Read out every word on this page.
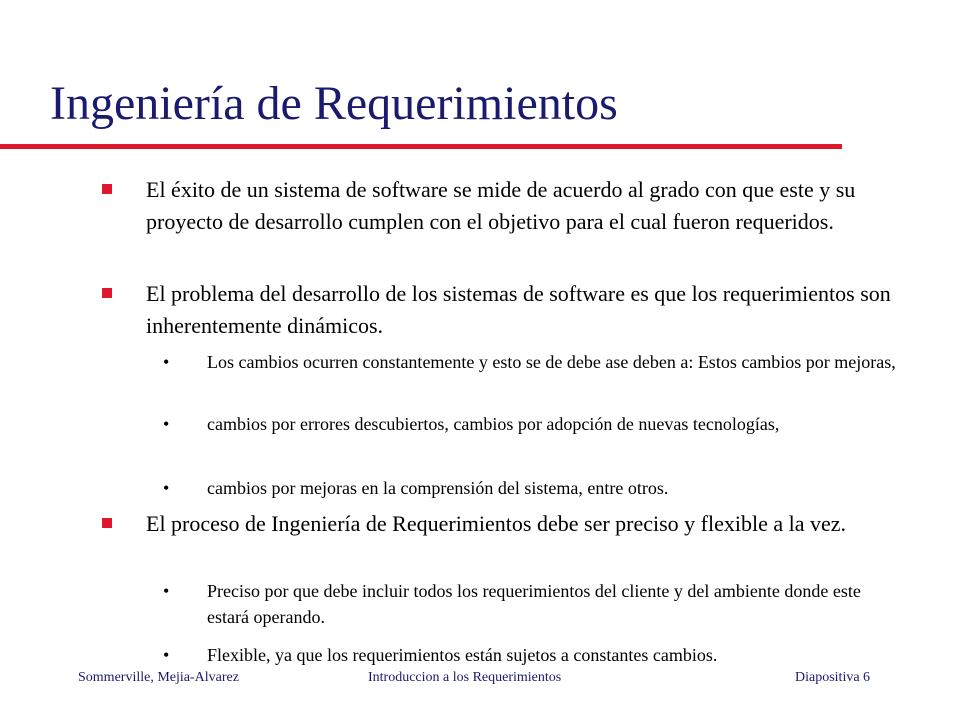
Ingeniería de Requerimientos
El éxito de un sistema de software se mide de acuerdo al grado con que este y su proyecto de desarrollo cumplen con el objetivo para el cual fueron requeridos.
El problema del desarrollo de los sistemas de software es que los requerimientos son inherentemente dinámicos.
• Los cambios ocurren constantemente y esto se de debe ase deben a: Estos cambios por mejoras,
• cambios por errores descubiertos, cambios por adopción de nuevas tecnologías,
• cambios por mejoras en la comprensión del sistema, entre otros.
El proceso de Ingeniería de Requerimientos debe ser preciso y flexible a la vez.
• Preciso por que debe incluir todos los requerimientos del cliente y del ambiente donde este estará operando.
• Flexible, ya que los requerimientos están sujetos a constantes cambios.
Sommerville, Mejia-Alvarez	Introduccion a los Requerimientos	Diapositiva 6
